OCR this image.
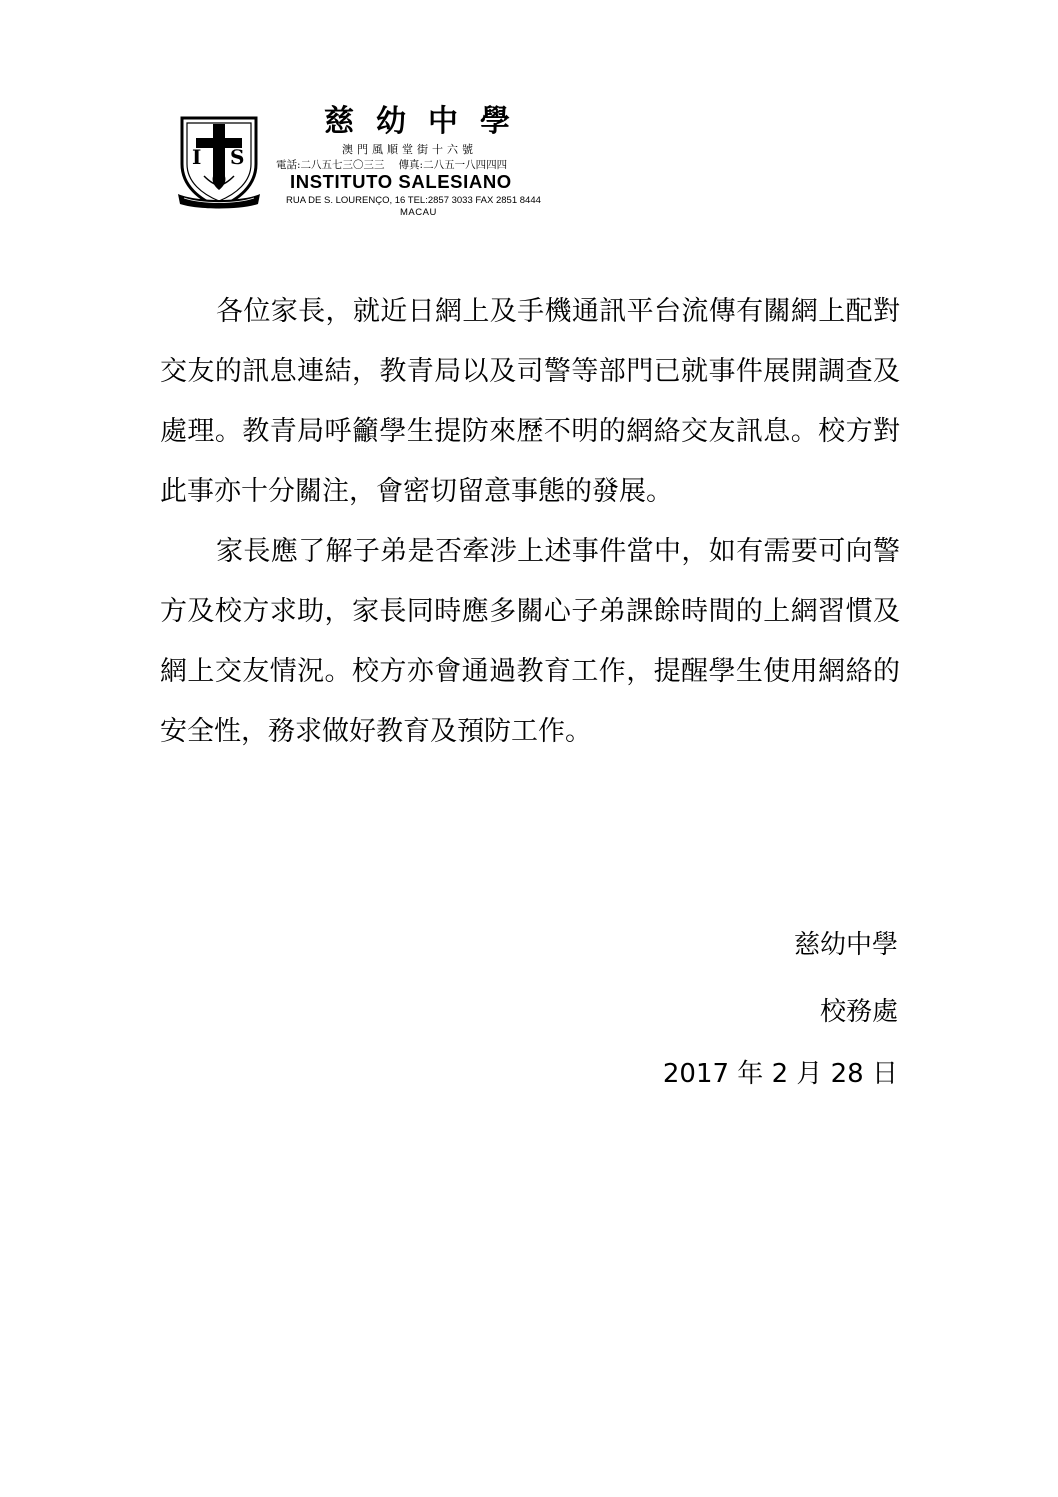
I S
慈幼中學
澳門風順堂街十六號
電話:二八五七三〇三三 傳真:二八五一八四四四
INSTITUTO SALESIANO
RUA DE S. LOURENÇO, 16 TEL:2857 3033 FAX 2851 8444
MACAU

各位家長，就近日網上及手機通訊平台流傳有關網上配對交友的訊息連結，教青局以及司警等部門已就事件展開調查及處理。教青局呼籲學生提防來歷不明的網絡交友訊息。校方對此事亦十分關注，會密切留意事態的發展。

家長應了解子弟是否牽涉上述事件當中，如有需要可向警方及校方求助，家長同時應多關心子弟課餘時間的上網習慣及網上交友情況。校方亦會通過教育工作，提醒學生使用網絡的安全性，務求做好教育及預防工作。

慈幼中學
校務處
2017 年 2 月 28 日
